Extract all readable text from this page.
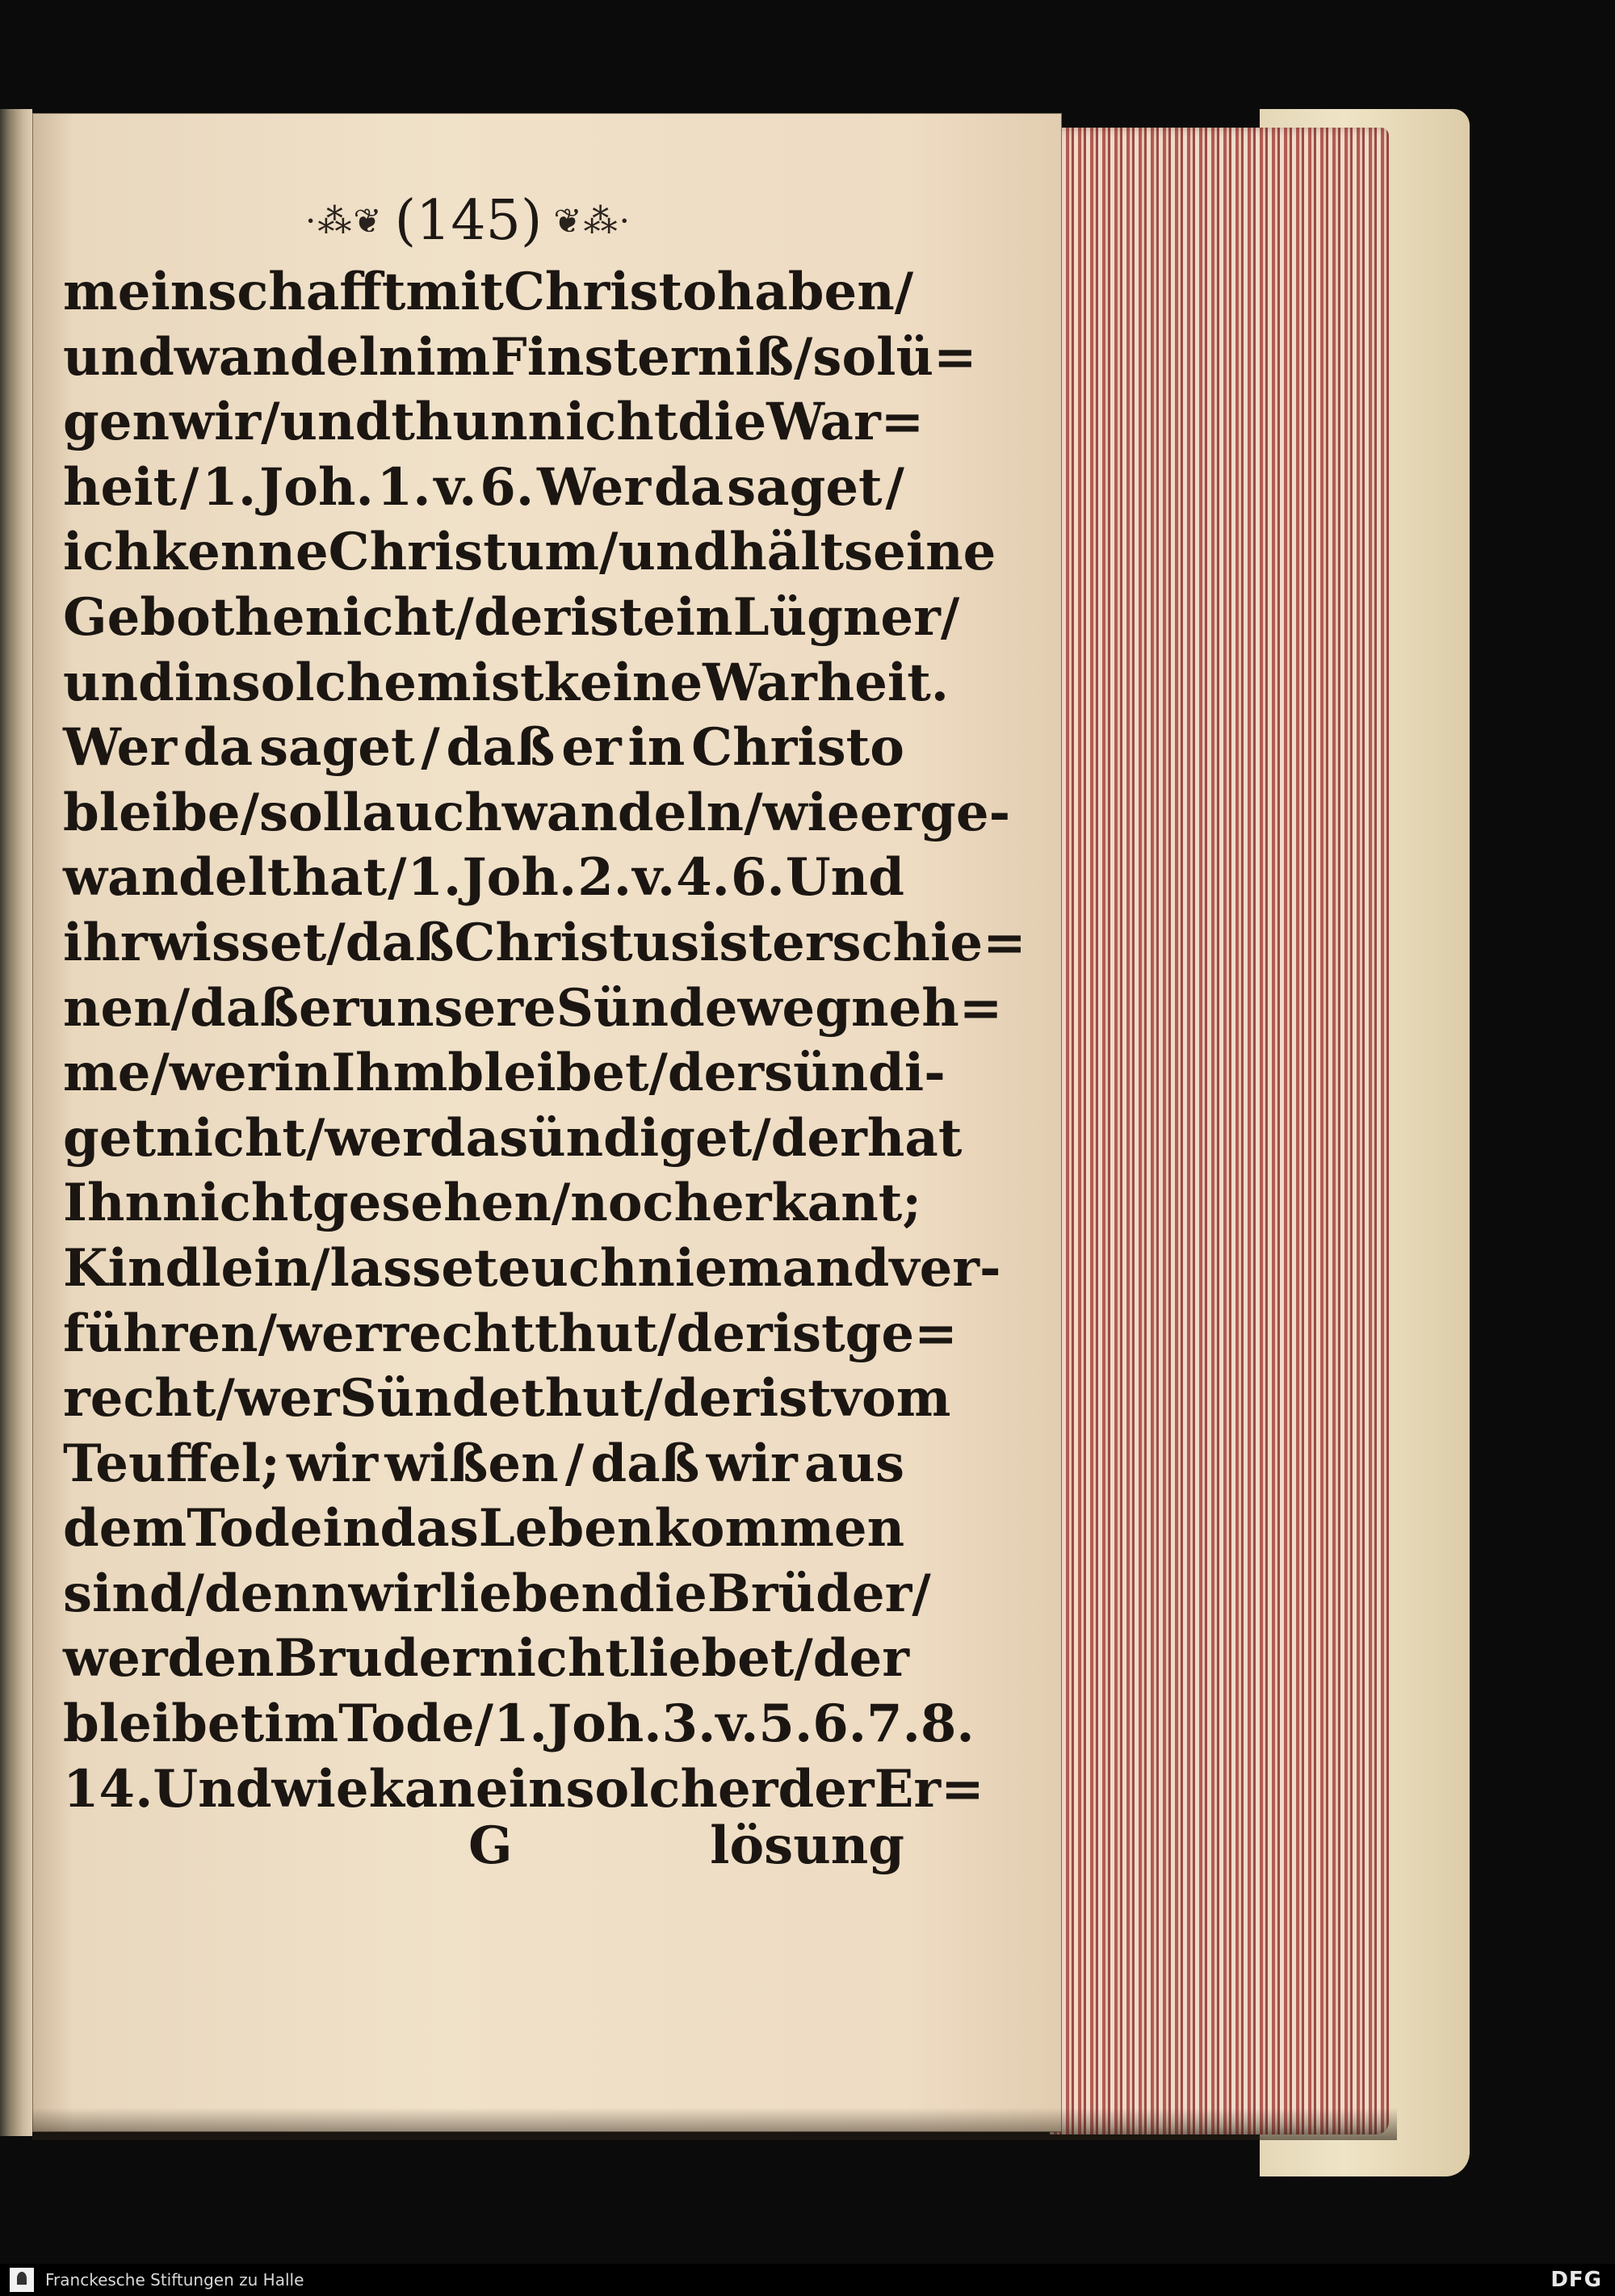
·⁂❦ (145) ❦⁂·
meinschafft mit Christo haben /
und wandeln im Finsterniß / so lü=
gen wir / und thun nicht die War=
heit / 1. Joh. 1. v. 6. Wer da saget /
ich kenne Christum / und hält seine
Gebothe nicht / der ist ein Lügner /
und in solchem ist keine Warheit.
Wer da saget / daß er in Christo
bleibe / soll auch wandeln / wie er ge-
wandelt hat / 1. Joh. 2. v. 4. 6. Und
ihr wisset / daß Christus ist erschie=
nen / daß er unsere Sünde wegneh=
me / wer in Ihm bleibet / der sündi-
get nicht / wer da sündiget / der hat
Ihn nicht gesehen / noch erkant;
Kindlein / lasset euch niemand ver-
führen / wer recht thut / der ist ge=
recht / wer Sünde thut / der ist vom
Teuffel; wir wißen / daß wir aus
dem Tode in das Leben kommen
sind / denn wir lieben die Brüder /
wer den Bruder nicht liebet / der
bleibet im Tode / 1. Joh. 3. v. 5. 6. 7. 8.
14. Und wie kan ein solcher der Er=
G	lösung
Franckesche Stiftungen zu Halle	DFG
